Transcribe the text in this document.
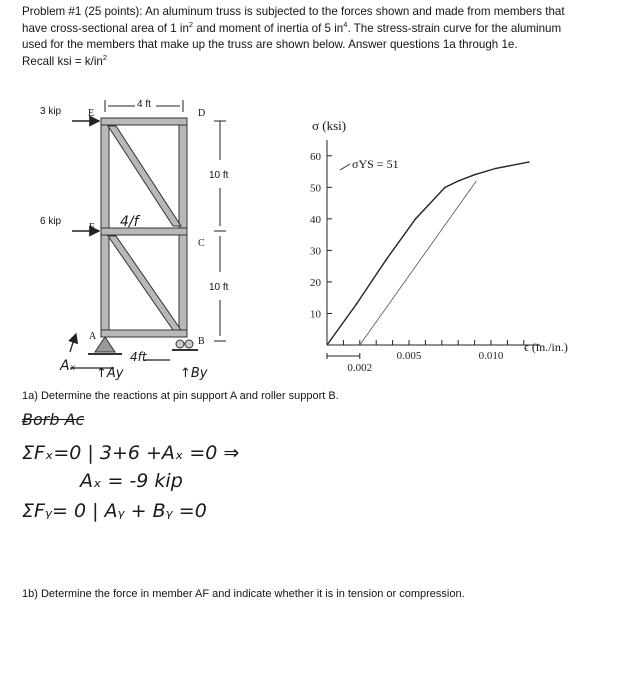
Problem #1 (25 points): An aluminum truss is subjected to the forces shown and made from members that
have cross-sectional area of 1 $in^2$ and moment of inertia of 5 $in^4$. The stress-strain curve for the aluminum
used for the members that make up the truss are shown below. Answer questions 1a through 1e.
Recall ksi = $k/in^2$
3 kip
6 kip
4 ft
10 ft
10 ft
E	D
F
C
A	B
4/f
Aₓ ↑Ay
4ft
↑By
10
20
30
40
50
60
0.002
0.005	0.010
σ (ksi)
ϵ (in./in.)
σYS = 51
1a) Determine the reactions at pin support A and roller support B.
Ƀorb Ac
ΣFₓ=0 | 3+6 +Aₓ =0 ⇒
Aₓ = -9 kip
ΣFᵧ= 0 | Aᵧ + Bᵧ =0
1b) Determine the force in member AF and indicate whether it is in tension or compression.
